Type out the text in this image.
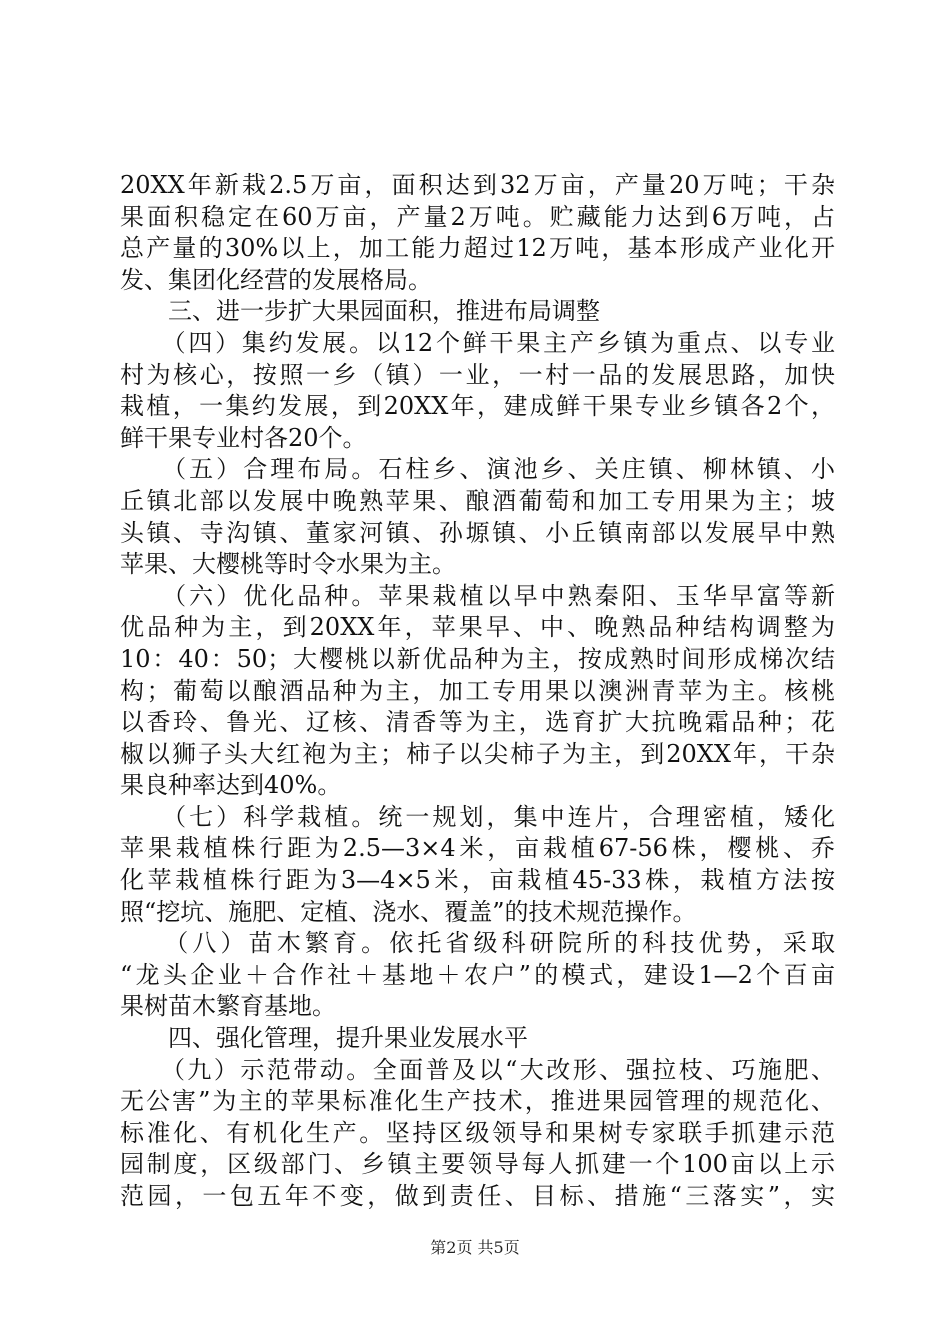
20XX年新栽2.5万亩，面积达到32万亩，产量20万吨；干杂
果面积稳定在60万亩，产量2万吨。贮藏能力达到6万吨，占
总产量的30%以上，加工能力超过12万吨，基本形成产业化开
发、集团化经营的发展格局。
　　三、进一步扩大果园面积，推进布局调整
　　（四）集约发展。以12个鲜干果主产乡镇为重点、以专业
村为核心，按照一乡（镇）一业，一村一品的发展思路，加快
栽植，一集约发展，到20XX年，建成鲜干果专业乡镇各2个，
鲜干果专业村各20个。
　　（五）合理布局。石柱乡、演池乡、关庄镇、柳林镇、小
丘镇北部以发展中晚熟苹果、酿酒葡萄和加工专用果为主；坡
头镇、寺沟镇、董家河镇、孙塬镇、小丘镇南部以发展早中熟
苹果、大樱桃等时令水果为主。
　　（六）优化品种。苹果栽植以早中熟秦阳、玉华早富等新
优品种为主，到20XX年，苹果早、中、晚熟品种结构调整为
10：40：50；大樱桃以新优品种为主，按成熟时间形成梯次结
构；葡萄以酿酒品种为主，加工专用果以澳洲青苹为主。核桃
以香玲、鲁光、辽核、清香等为主，选育扩大抗晚霜品种；花
椒以狮子头大红袍为主；柿子以尖柿子为主，到20XX年，干杂
果良种率达到40%。
　　（七）科学栽植。统一规划，集中连片，合理密植，矮化
苹果栽植株行距为2.5—3×4米，亩栽植67-56株，樱桃、乔
化苹栽植株行距为3—4×5米，亩栽植45-33株，栽植方法按
照“挖坑、施肥、定植、浇水、覆盖”的技术规范操作。
　　（八）苗木繁育。依托省级科研院所的科技优势，采取
“龙头企业＋合作社＋基地＋农户”的模式，建设1—2个百亩
果树苗木繁育基地。
　　四、强化管理，提升果业发展水平
　　（九）示范带动。全面普及以“大改形、强拉枝、巧施肥、
无公害”为主的苹果标准化生产技术，推进果园管理的规范化、
标准化、有机化生产。坚持区级领导和果树专家联手抓建示范
园制度，区级部门、乡镇主要领导每人抓建一个100亩以上示
范园，一包五年不变，做到责任、目标、措施“三落实”，实
第2页 共5页
